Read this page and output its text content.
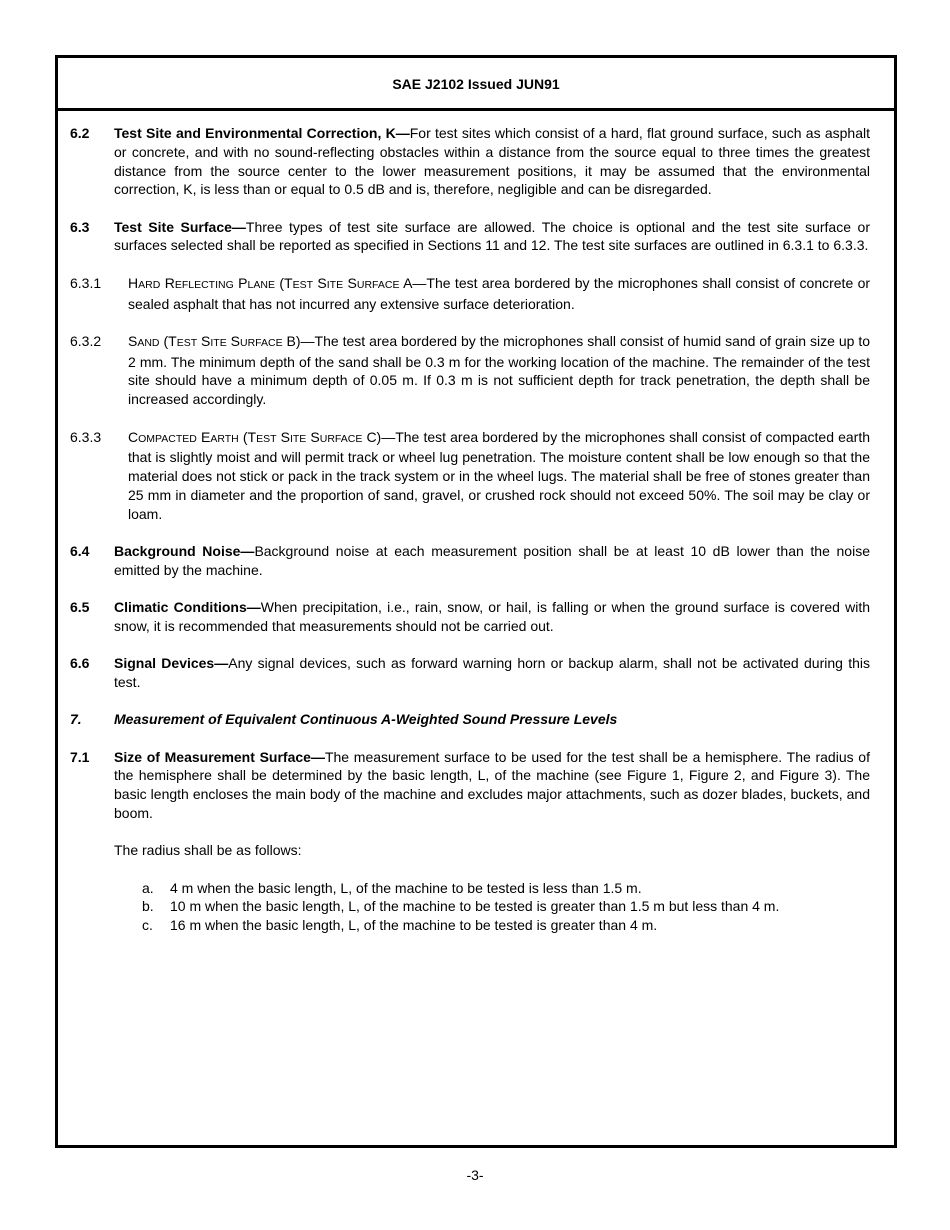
SAE J2102 Issued JUN91
6.2 Test Site and Environmental Correction, K—For test sites which consist of a hard, flat ground surface, such as asphalt or concrete, and with no sound-reflecting obstacles within a distance from the source equal to three times the greatest distance from the source center to the lower measurement positions, it may be assumed that the environmental correction, K, is less than or equal to 0.5 dB and is, therefore, negligible and can be disregarded.
6.3 Test Site Surface—Three types of test site surface are allowed. The choice is optional and the test site surface or surfaces selected shall be reported as specified in Sections 11 and 12. The test site surfaces are outlined in 6.3.1 to 6.3.3.
6.3.1 HARD REFLECTING PLANE (TEST SITE SURFACE A—The test area bordered by the microphones shall consist of concrete or sealed asphalt that has not incurred any extensive surface deterioration.
6.3.2 SAND (TEST SITE SURFACE B)—The test area bordered by the microphones shall consist of humid sand of grain size up to 2 mm. The minimum depth of the sand shall be 0.3 m for the working location of the machine. The remainder of the test site should have a minimum depth of 0.05 m. If 0.3 m is not sufficient depth for track penetration, the depth shall be increased accordingly.
6.3.3 COMPACTED EARTH (TEST SITE SURFACE C)—The test area bordered by the microphones shall consist of compacted earth that is slightly moist and will permit track or wheel lug penetration. The moisture content shall be low enough so that the material does not stick or pack in the track system or in the wheel lugs. The material shall be free of stones greater than 25 mm in diameter and the proportion of sand, gravel, or crushed rock should not exceed 50%. The soil may be clay or loam.
6.4 Background Noise—Background noise at each measurement position shall be at least 10 dB lower than the noise emitted by the machine.
6.5 Climatic Conditions—When precipitation, i.e., rain, snow, or hail, is falling or when the ground surface is covered with snow, it is recommended that measurements should not be carried out.
6.6 Signal Devices—Any signal devices, such as forward warning horn or backup alarm, shall not be activated during this test.
7. Measurement of Equivalent Continuous A-Weighted Sound Pressure Levels
7.1 Size of Measurement Surface—The measurement surface to be used for the test shall be a hemisphere. The radius of the hemisphere shall be determined by the basic length, L, of the machine (see Figure 1, Figure 2, and Figure 3). The basic length encloses the main body of the machine and excludes major attachments, such as dozer blades, buckets, and boom.
The radius shall be as follows:
a. 4 m when the basic length, L, of the machine to be tested is less than 1.5 m.
b. 10 m when the basic length, L, of the machine to be tested is greater than 1.5 m but less than 4 m.
c. 16 m when the basic length, L, of the machine to be tested is greater than 4 m.
-3-
